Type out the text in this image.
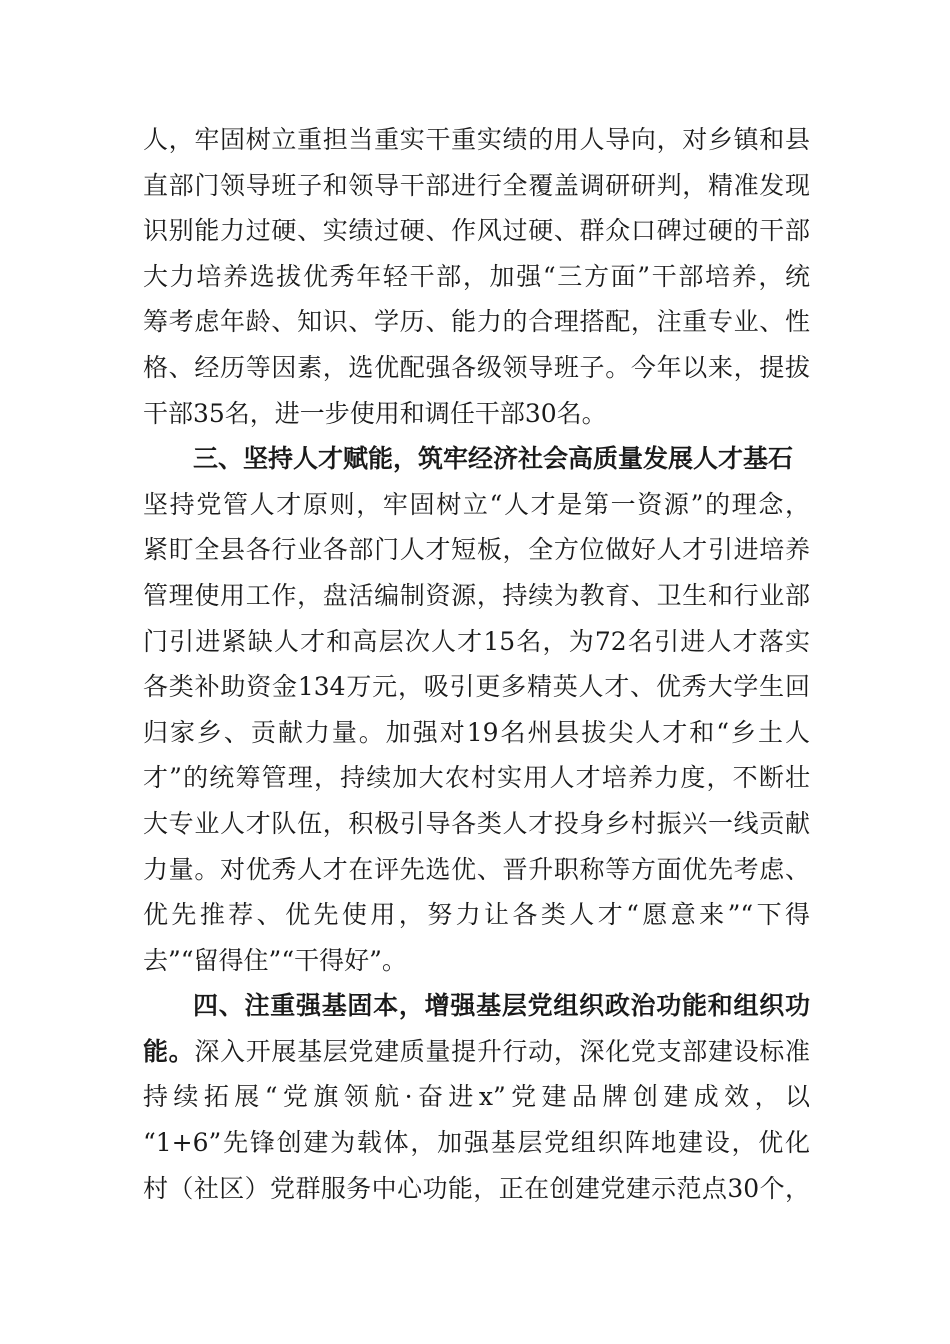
人，牢固树立重担当重实干重实绩的用人导向，对乡镇和县
直部门领导班子和领导干部进行全覆盖调研研判，精准发现
识别能力过硬、实绩过硬、作风过硬、群众口碑过硬的干部
大力培养选拔优秀年轻干部，加强“三方面”干部培养，统
筹考虑年龄、知识、学历、能力的合理搭配，注重专业、性
格、经历等因素，选优配强各级领导班子。今年以来，提拔
干部35名，进一步使用和调任干部30名。
三、坚持人才赋能，筑牢经济社会高质量发展人才基石
坚持党管人才原则，牢固树立“人才是第一资源”的理念，
紧盯全县各行业各部门人才短板，全方位做好人才引进培养
管理使用工作，盘活编制资源，持续为教育、卫生和行业部
门引进紧缺人才和高层次人才15名，为72名引进人才落实
各类补助资金134万元，吸引更多精英人才、优秀大学生回
归家乡、贡献力量。加强对19名州县拔尖人才和“乡土人
才”的统筹管理，持续加大农村实用人才培养力度，不断壮
大专业人才队伍，积极引导各类人才投身乡村振兴一线贡献
力量。对优秀人才在评先选优、晋升职称等方面优先考虑、
优先推荐、优先使用，努力让各类人才“愿意来”“下得
去”“留得住”“干得好”。
四、注重强基固本，增强基层党组织政治功能和组织功
能。深入开展基层党建质量提升行动，深化党支部建设标准
持续拓展“党旗领航·奋进x”党建品牌创建成效，以
“1+6”先锋创建为载体，加强基层党组织阵地建设，优化
村（社区）党群服务中心功能，正在创建党建示范点30个，
